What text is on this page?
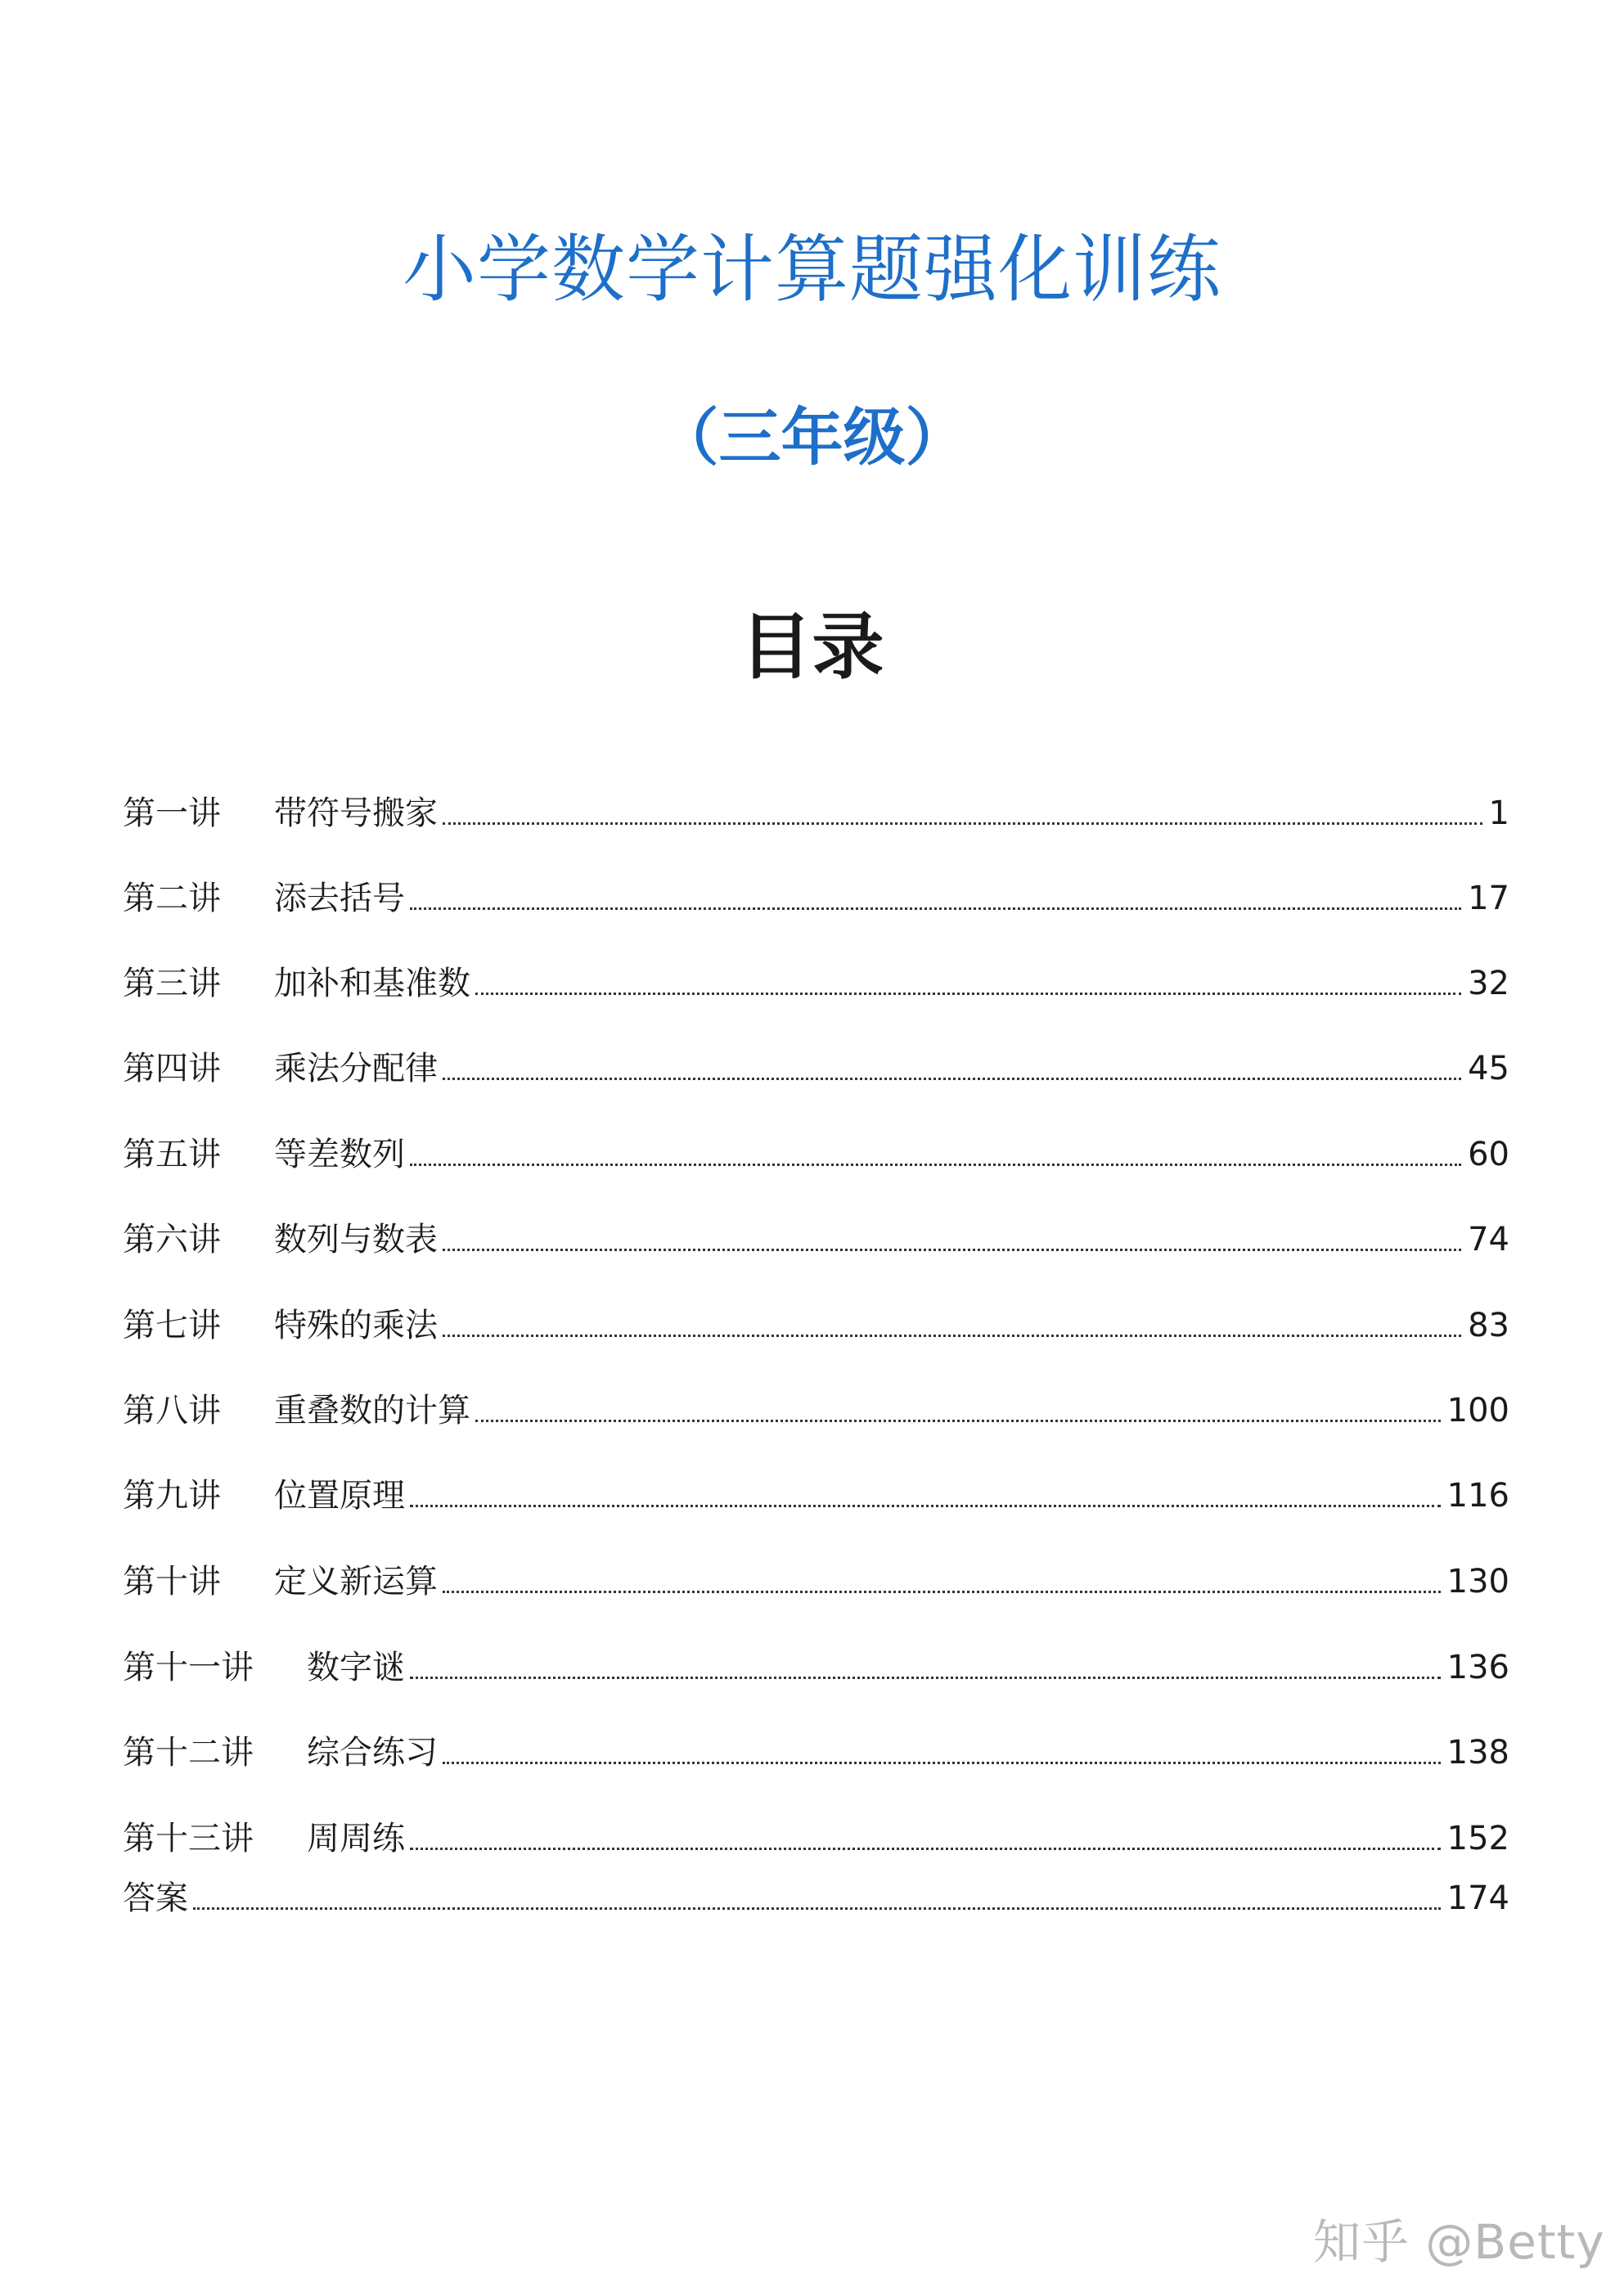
小学数学计算题强化训练
（三年级）
目录
第一讲	带符号搬家	1
第二讲	添去括号	17
第三讲	加补和基准数	32
第四讲	乘法分配律	45
第五讲	等差数列	60
第六讲	数列与数表	74
第七讲	特殊的乘法	83
第八讲	重叠数的计算	100
第九讲	位置原理	116
第十讲	定义新运算	130
第十一讲	数字谜	136
第十二讲	综合练习	138
第十三讲	周周练	152
答案	174
知乎 @Betty
